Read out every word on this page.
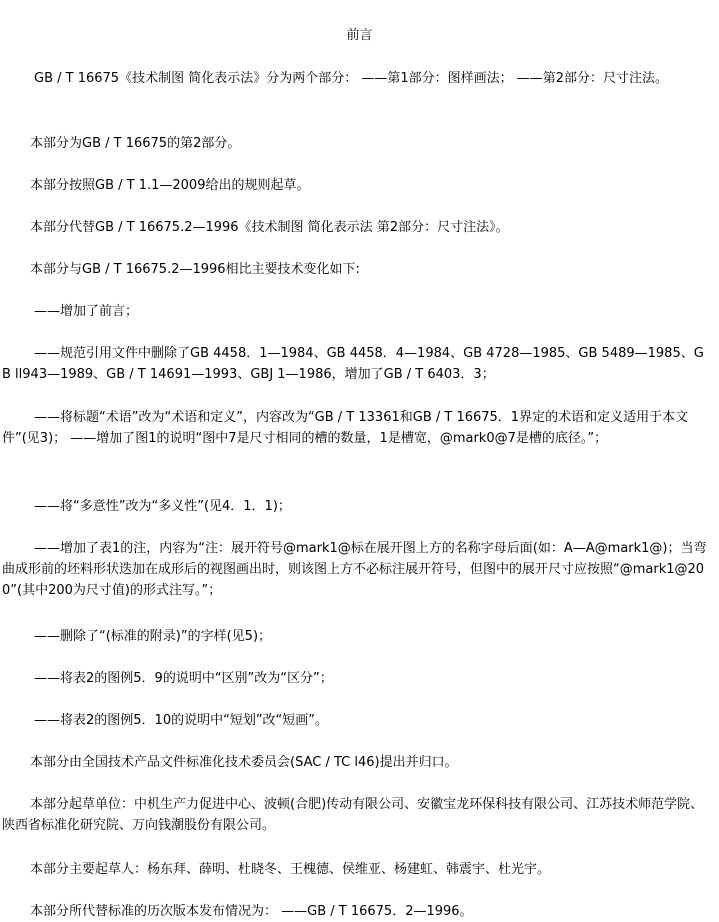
前言
GB / T 16675《技术制图 简化表示法》分为两个部分： ——第1部分：图样画法； ——第2部分：尺寸注法。
本部分为GB / T 16675的第2部分。
本部分按照GB / T 1.1—2009给出的规则起草。
本部分代替GB / T 16675.2—1996《技术制图 简化表示法 第2部分：尺寸注法》。
本部分与GB / T 16675.2—1996相比主要技术变化如下:
——增加了前言；
——规范引用文件中删除了GB 4458．1—1984、GB 4458．4—1984、GB 4728—1985、GB 5489—1985、GB ll943—1989、GB / T 14691—1993、GBJ 1—1986，增加了GB / T 6403．3；
——将标题“术语”改为“术语和定义”，内容改为“GB / T 13361和GB / T 16675．1界定的术语和定义适用于本文件”(见3)； ——增加了图1的说明“图中7是尺寸相同的槽的数量，1是槽宽，@mark0@7是槽的底径。”；
——将“多意性”改为“多义性”(见4．1．1)；
——增加了表1的注，内容为“注：展开符号@mark1@标在展开图上方的名称字母后面(如：A—A@mark1@)；当弯曲成形前的坯料形状迭加在成形后的视图画出时，则该图上方不必标注展开符号，但图中的展开尺寸应按照“@mark1@200”(其中200为尺寸值)的形式注写。”；
——删除了“(标准的附录)”的字样(见5)；
——将表2的图例5．9的说明中“区别”改为“区分”；
——将表2的图例5．10的说明中“短划”改“短画”。
本部分由全国技术产品文件标准化技术委员会(SAC / TC l46)提出并归口。
本部分起草单位：中机生产力促进中心、波顿(合肥)传动有限公司、安徽宝龙环保科技有限公司、江苏技术师范学院、陕西省标准化研究院、万向钱潮股份有限公司。
本部分主要起草人：杨东拜、薛明、杜晓冬、王槐德、侯维亚、杨建虹、韩震宇、杜光宇。
本部分所代替标准的历次版本发布情况为： ——GB / T 16675．2—1996。
